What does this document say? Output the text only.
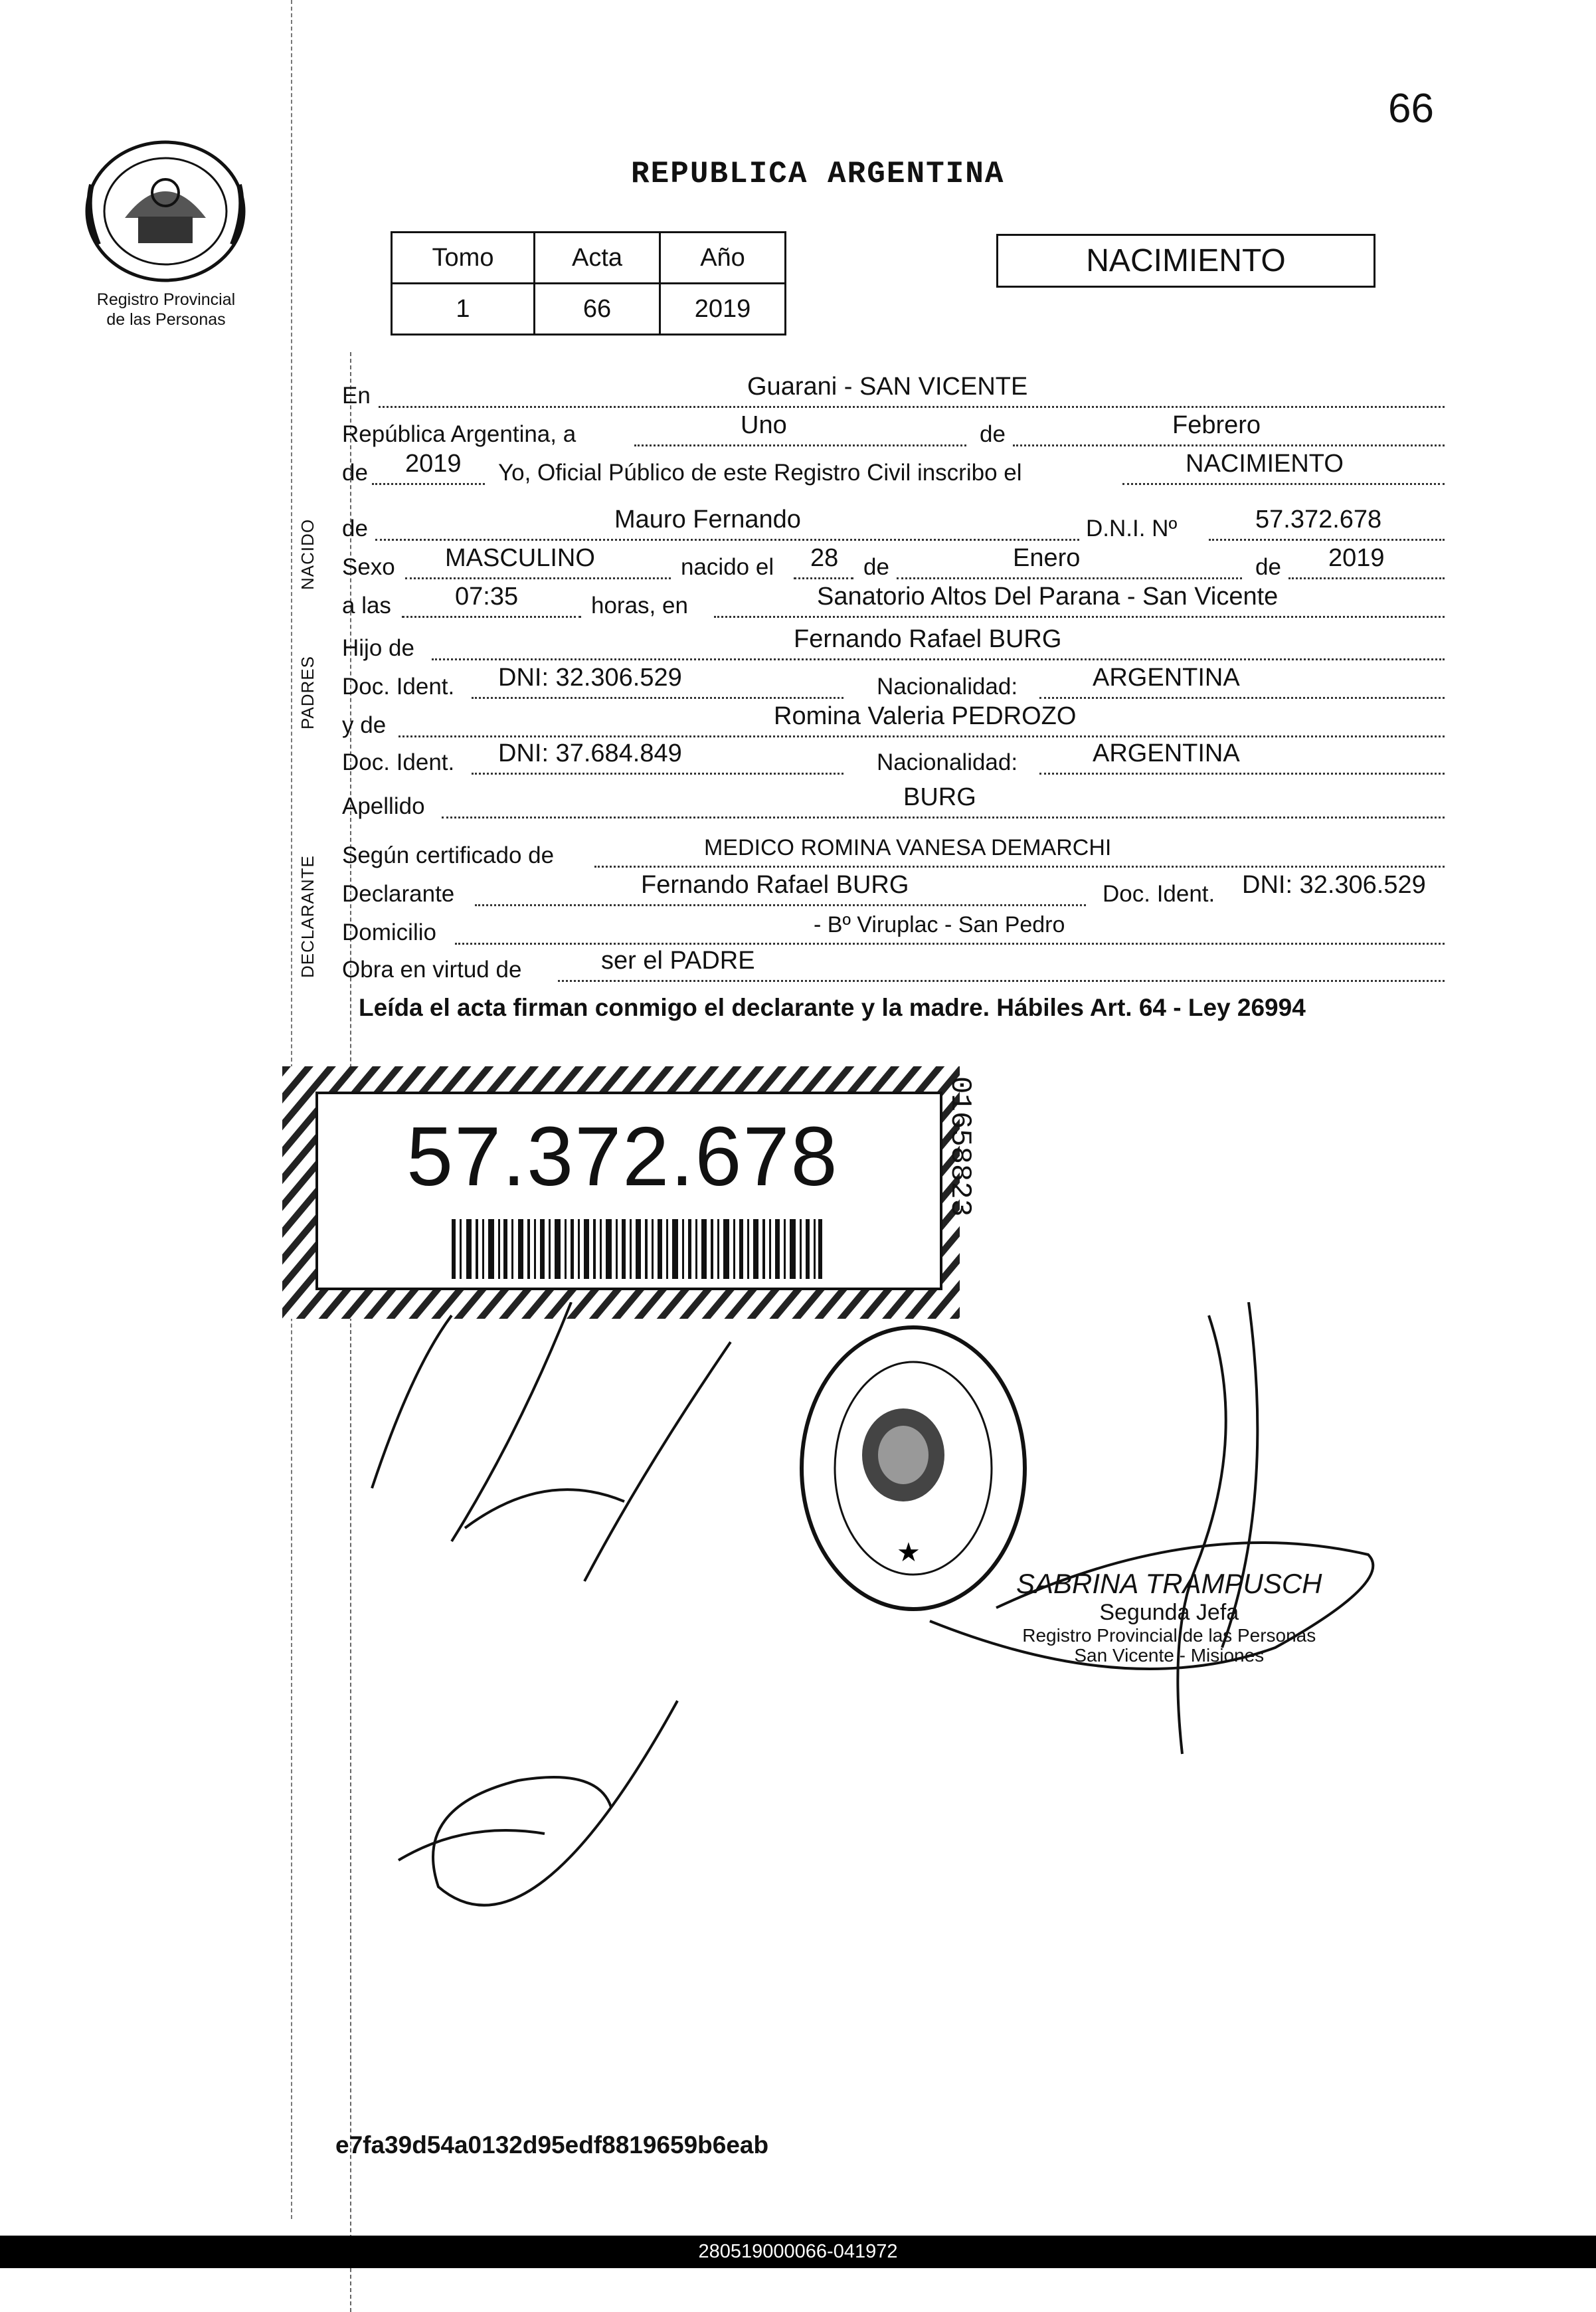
66
Registro Provincial
de las Personas
REPUBLICA ARGENTINA
Tomo	Acta	Año
1	66	2019
NACIMIENTO
NACIDO
PADRES
DECLARANTE
En	Guarani - SAN VICENTE
República Argentina, a	Uno	de	Febrero
de 2019 Yo, Oficial Público de este Registro Civil inscribo el	NACIMIENTO
de	Mauro Fernando	D.N.I. Nº	57.372.678
Sexo MASCULINO	nacido el 28 de	Enero	de 2019
a las	07:35	horas, en	Sanatorio Altos Del Parana - San Vicente
Hijo de	Fernando Rafael BURG
Doc. Ident. DNI: 32.306.529	Nacionalidad:	ARGENTINA
y de	Romina Valeria PEDROZO
Doc. Ident. DNI: 37.684.849	Nacionalidad:	ARGENTINA
Apellido	BURG
Según certificado de	MEDICO ROMINA VANESA DEMARCHI
Declarante	Fernando Rafael BURG	Doc. Ident. DNI: 32.306.529
Domicilio	- Bº Viruplac - San Pedro
Obra en virtud de	ser el PADRE
Leída el acta firman conmigo el declarante y la madre. Hábiles Art. 64 - Ley 26994
57.372.678	01658823
★
SABRINA TRAMPUSCH
Segunda Jefa
Registro Provincial de las Personas
San Vicente - Misiones
e7fa39d54a0132d95edf8819659b6eab
280519000066-041972
